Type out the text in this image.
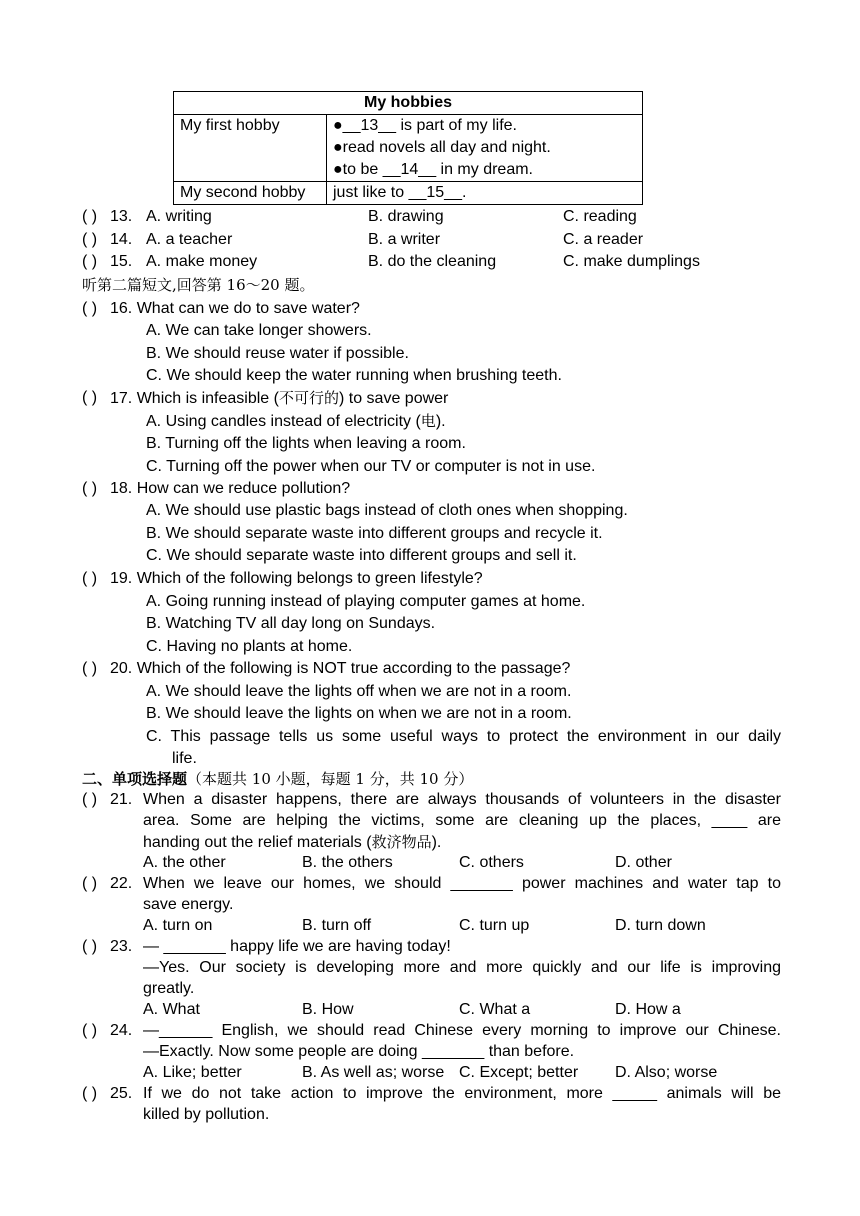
My hobbies	
My first hobby	●__13__ is part of my life.
●read novels all day and night.
●to be __14__ in my dream.

My second hobby	just like to __15__.
( ) 13. A. writing	B. drawing	C. reading
( ) 14. A. a teacher	B. a writer	C. a reader
( ) 15. A. make money	B. do the cleaning	C. make dumplings
听第二篇短文,回答第 16～20 题。
( ) 16. What can we do to save water?
A. We can take longer showers.
B. We should reuse water if possible.
C. We should keep the water running when brushing teeth.
( ) 17. Which is infeasible (不可行的) to save power
A. Using candles instead of electricity (电).
B. Turning off the lights when leaving a room.
C. Turning off the power when our TV or computer is not in use.
( ) 18. How can we reduce pollution?
A. We should use plastic bags instead of cloth ones when shopping.
B. We should separate waste into different groups and recycle it.
C. We should separate waste into different groups and sell it.
( ) 19. Which of the following belongs to green lifestyle?
A. Going running instead of playing computer games at home.
B. Watching TV all day long on Sundays.
C. Having no plants at home.
( ) 20. Which of the following is NOT true according to the passage?
A. We should leave the lights off when we are not in a room.
B. We should leave the lights on when we are not in a room.
C. This passage tells us some useful ways to protect the environment in our daily
life.
二、单项选择题（本题共 10 小题，每题 1 分，共 10 分）
( ) 21. When a disaster happens, there are always thousands of volunteers in the disaster
area. Some are helping the victims, some are cleaning up the places, ____ are
handing out the relief materials (救济物品).
A. the other	B. the others	C. others	D. other
( ) 22. When we leave our homes, we should _______ power machines and water tap to
save energy.
A. turn on	B. turn off	C. turn up	D. turn down
( ) 23. — _______ happy life we are having today!
—Yes. Our society is developing more and more quickly and our life is improving
greatly.
A. What	B. How	C. What a	D. How a
( ) 24. —______ English, we should read Chinese every morning to improve our Chinese.
—Exactly. Now some people are doing _______ than before.
A. Like; better	B. As well as; worse C. Except; better D. Also; worse
( ) 25. If we do not take action to improve the environment, more _____ animals will be
killed by pollution.
